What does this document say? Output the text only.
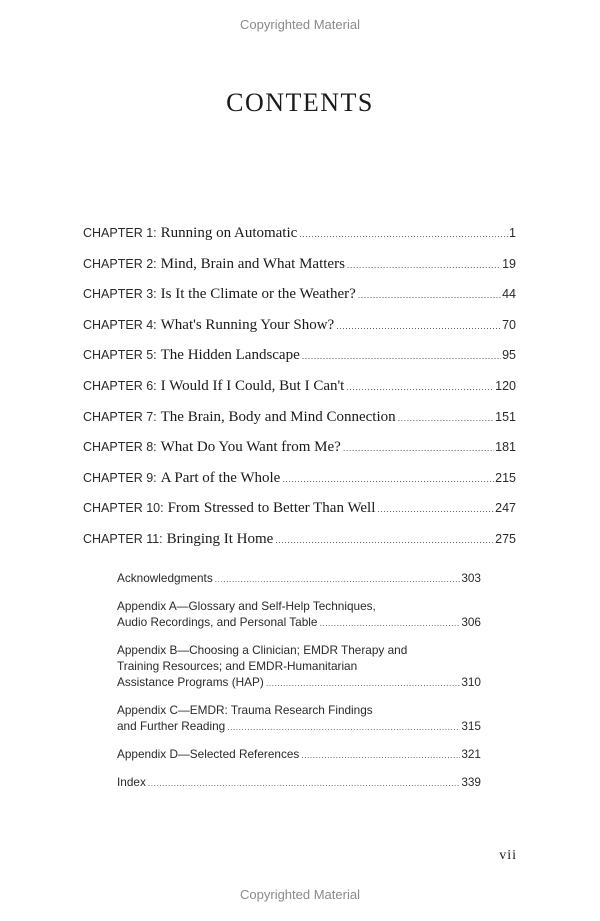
Copyrighted Material
CONTENTS
CHAPTER 1: Running on Automatic .....	1
CHAPTER 2: Mind, Brain and What Matters .....	19
CHAPTER 3: Is It the Climate or the Weather? .....	44
CHAPTER 4: What's Running Your Show? .....	70
CHAPTER 5: The Hidden Landscape .....	95
CHAPTER 6: I Would If I Could, But I Can't .....	120
CHAPTER 7: The Brain, Body and Mind Connection .....	151
CHAPTER 8: What Do You Want from Me? .....	181
CHAPTER 9: A Part of the Whole .....	215
CHAPTER 10: From Stressed to Better Than Well .....	247
CHAPTER 11: Bringing It Home .....	275
Acknowledgments .....	303
Appendix A—Glossary and Self-Help Techniques,
Audio Recordings, and Personal Table .....	306
Appendix B—Choosing a Clinician; EMDR Therapy and
Training Resources; and EMDR-Humanitarian
Assistance Programs (HAP) .....	310
Appendix C—EMDR: Trauma Research Findings
and Further Reading .....	315
Appendix D—Selected References .....	321
Index .....	339
vii
Copyrighted Material
